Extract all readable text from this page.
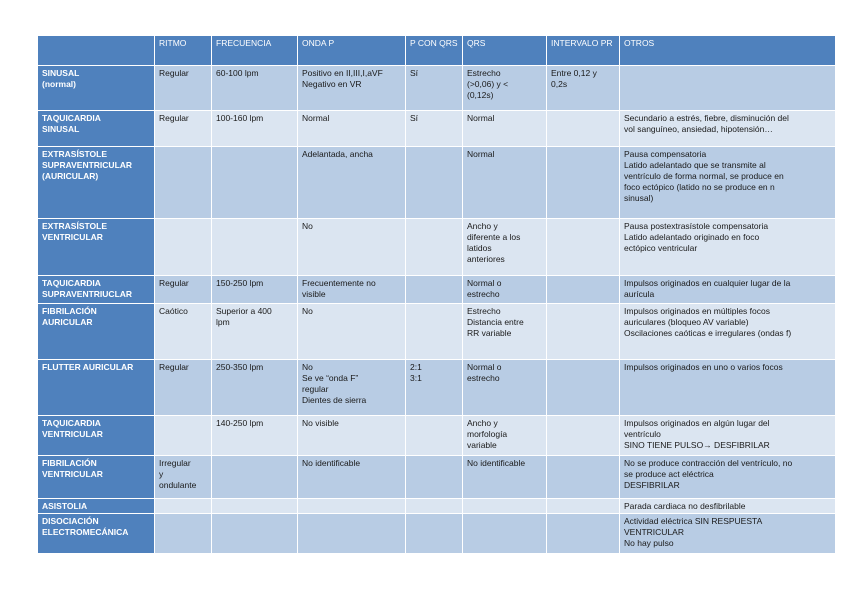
	RITMO	FRECUENCIA	ONDA P	P CON QRS	QRS	INTERVALO PR	OTROS

SINUSAL
(normal)	Regular	60-100 lpm	Positivo en II,III,I,aVF
Negativo en VR	Sí	Estrecho
(>0,06) y <
(0,12s)	Entre 0,12 y
0,2s	

TAQUICARDIA
SINUSAL	Regular	100-160 lpm	Normal	Sí	Normal		Secundario a estrés, fiebre, disminución del
vol sanguíneo, ansiedad, hipotensión…

EXTRASÍSTOLE
SUPRAVENTRICULAR
(AURICULAR)			Adelantada, ancha		Normal		Pausa compensatoria
Latido adelantado que se transmite al
ventrículo de forma normal, se produce en
foco ectópico (latido no se produce en n
sinusal)

EXTRASÍSTOLE
VENTRICULAR			No		Ancho y
diferente a los
latidos
anteriores		Pausa postextrasístole compensatoria
Latido adelantado originado en foco
ectópico ventricular

TAQUICARDIA
SUPRAVENTRIUCLAR	Regular	150-250 lpm	Frecuentemente no
visible		Normal o
estrecho		Impulsos originados en cualquier lugar de la
aurícula

FIBRILACIÓN
AURICULAR	Caótico	Superior a 400
lpm	No		Estrecho
Distancia entre
RR variable		Impulsos originados en múltiples focos
auriculares (bloqueo AV variable)
Oscilaciones caóticas e irregulares (ondas f)

FLUTTER AURICULAR	Regular	250-350 lpm	No
Se ve “onda F”
regular
Dientes de sierra	2:1
3:1	Normal o
estrecho		Impulsos originados en uno o varios focos

TAQUICARDIA
VENTRICULAR		140-250 lpm	No visible		Ancho y
morfología
variable		Impulsos originados en algún lugar del
ventrículo
SINO TIENE PULSO→ DESFIBRILAR

FIBRILACIÓN
VENTRICULAR	Irregular
y
ondulante		No identificable		No identificable		No se produce contracción del ventrículo, no
se produce act eléctrica
DESFIBRILAR

ASISTOLIA							Parada cardiaca no desfibrilable

DISOCIACIÓN
ELECTROMECÁNICA							Actividad eléctrica SIN RESPUESTA
VENTRICULAR
No hay pulso
